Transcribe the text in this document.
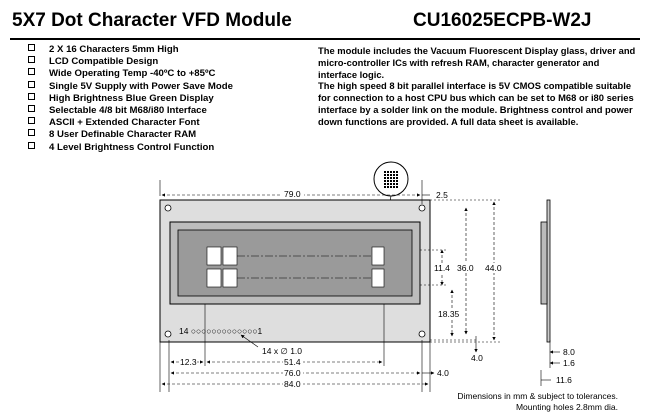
5X7 Dot Character VFD Module	CU16025ECPB-W2J
2 X 16 Characters 5mm High
LCD Compatible Design
Wide Operating Temp -40ºC to +85ºC
Single 5V Supply with Power Save Mode
High Brightness Blue Green Display
Selectable 4/8 bit M68/i80 Interface
ASCII + Extended Character Font
8 User Definable Character RAM
4 Level Brightness Control Function

The module includes the Vacuum Fluorescent Display glass, driver and micro-controller ICs with refresh RAM, character generator and interface logic.

The high speed 8 bit parallel interface is 5V CMOS compatible suitable for connection to a host CPU bus which can be set to M68 or i80 series interface by a solder link on the module. Brightness control and power down functions are provided. A full data sheet is available.

14 ○○○○○○○○○○○○○1
79.0	2.5
44.0
36.0
11.4
18.35
4.0
14 x ∅ 1.0
12.3	51.4
76.0
84.0
4.0
8.0
1.6
11.6
Dimensions in mm & subject to tolerances.
Mounting holes 2.8mm dia.
